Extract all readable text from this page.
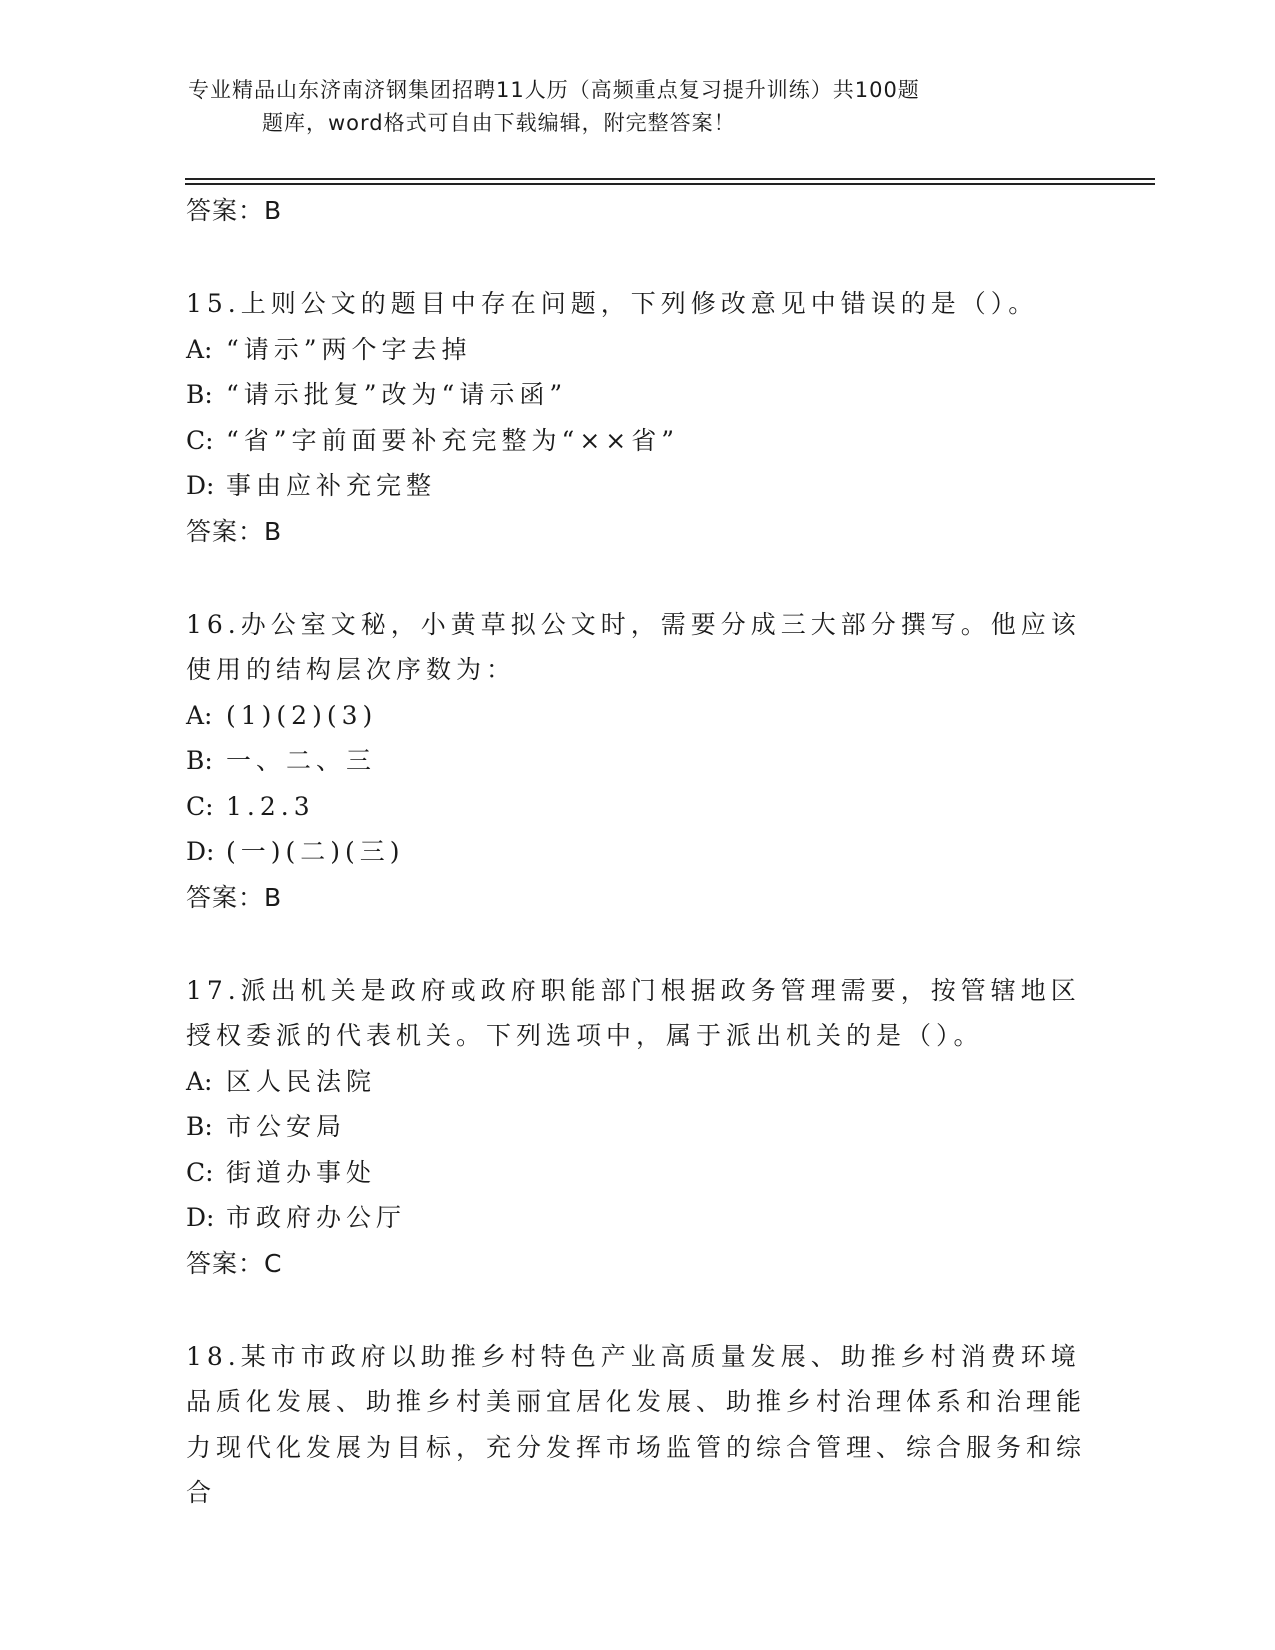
专业精品山东济南济钢集团招聘11人历（高频重点复习提升训练）共100题
题库，word格式可自由下载编辑，附完整答案！
答案：B
15.上则公文的题目中存在问题，下列修改意见中错误的是（）。
A: “请示”两个字去掉
B: “请示批复”改为“请示函”
C: “省”字前面要补充完整为“××省”
D: 事由应补充完整
答案：B
16.办公室文秘，小黄草拟公文时，需要分成三大部分撰写。他应该使用的结构层次序数为：
A: (1)(2)(3)
B: 一、二、三
C: 1.2.3
D: (一)(二)(三)
答案：B
17.派出机关是政府或政府职能部门根据政务管理需要，按管辖地区授权委派的代表机关。下列选项中，属于派出机关的是（）。
A: 区人民法院
B: 市公安局
C: 街道办事处
D: 市政府办公厅
答案：C
18.某市市政府以助推乡村特色产业高质量发展、助推乡村消费环境品质化发展、助推乡村美丽宜居化发展、助推乡村治理体系和治理能力现代化发展为目标，充分发挥市场监管的综合管理、综合服务和综合
